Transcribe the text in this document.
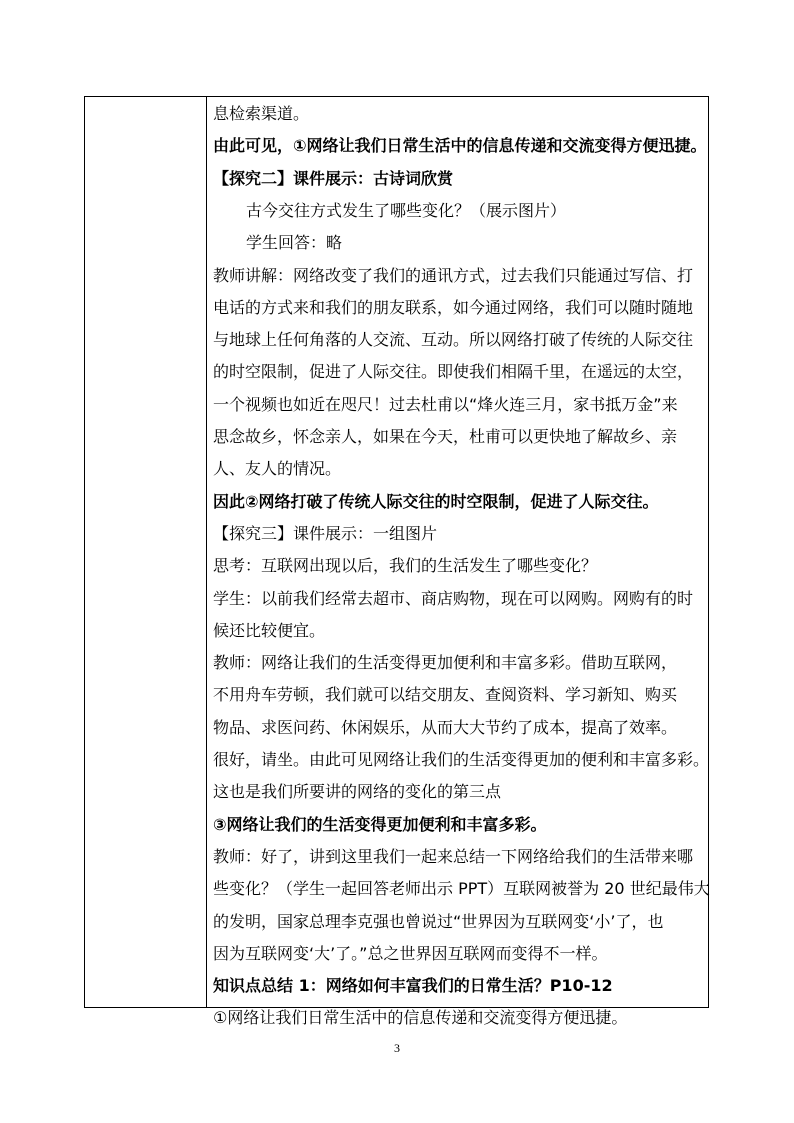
息检索渠道。
由此可见，①网络让我们日常生活中的信息传递和交流变得方便迅捷。
【探究二】课件展示：古诗词欣赏
古今交往方式发生了哪些变化？（展示图片）
学生回答：略
教师讲解：网络改变了我们的通讯方式，过去我们只能通过写信、打
电话的方式来和我们的朋友联系，如今通过网络，我们可以随时随地
与地球上任何角落的人交流、互动。所以网络打破了传统的人际交往
的时空限制，促进了人际交往。即使我们相隔千里，在遥远的太空，
一个视频也如近在咫尺！过去杜甫以“烽火连三月，家书抵万金”来
思念故乡，怀念亲人，如果在今天，杜甫可以更快地了解故乡、亲
人、友人的情况。
因此②网络打破了传统人际交往的时空限制，促进了人际交往。
【探究三】课件展示：一组图片
思考：互联网出现以后，我们的生活发生了哪些变化？
学生：以前我们经常去超市、商店购物，现在可以网购。网购有的时
候还比较便宜。
教师：网络让我们的生活变得更加便利和丰富多彩。借助互联网，
不用舟车劳顿，我们就可以结交朋友、查阅资料、学习新知、购买
物品、求医问药、休闲娱乐，从而大大节约了成本，提高了效率。
很好，请坐。由此可见网络让我们的生活变得更加的便利和丰富多彩。
这也是我们所要讲的网络的变化的第三点
③网络让我们的生活变得更加便利和丰富多彩。
教师：好了，讲到这里我们一起来总结一下网络给我们的生活带来哪
些变化？（学生一起回答老师出示 PPT）互联网被誉为 20 世纪最伟大
的发明，国家总理李克强也曾说过“世界因为互联网变‘小’了，也
因为互联网变‘大’了。”总之世界因互联网而变得不一样。
知识点总结 1：网络如何丰富我们的日常生活？P10-12
①网络让我们日常生活中的信息传递和交流变得方便迅捷。
3
